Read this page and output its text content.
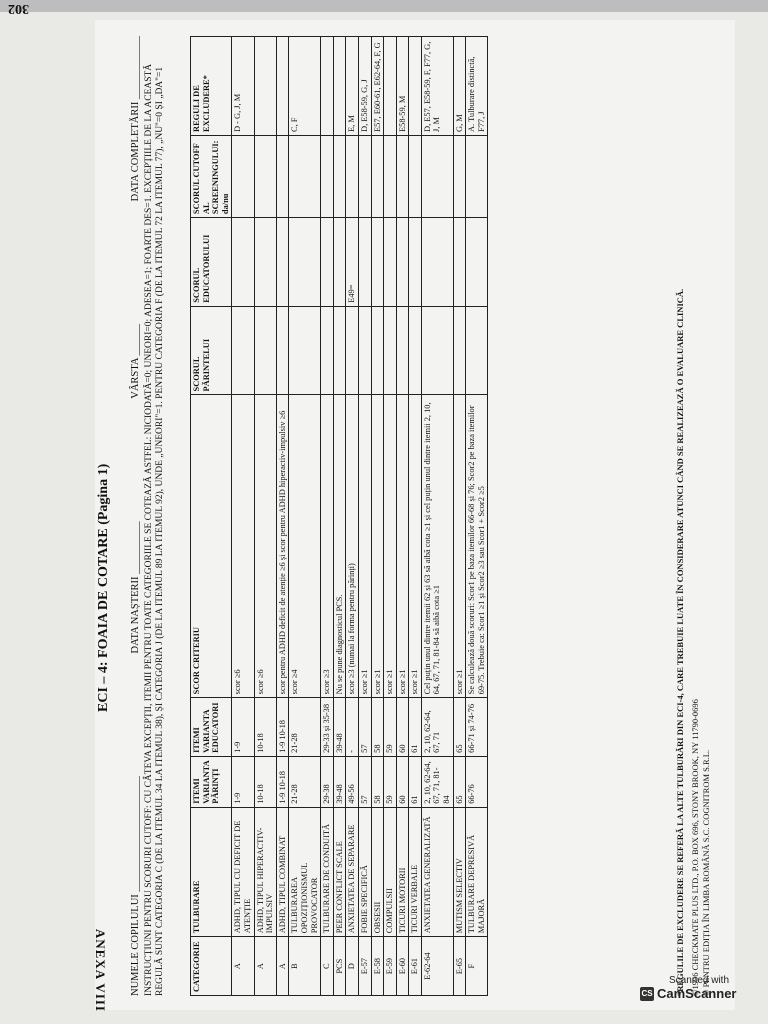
302
ANEXA VIII
ECI – 4: FOAIA DE COTARE (Pagina 1)
NUMELE COPILULUI ______________________
DATA NAȘTERII __________
VÂRSTA ______
DATA COMPLETĂRII ____________ INSTRUCȚIUNI PENTRU SCORURI CUTOFF: CU CÂTEVA EXCEPȚII, ITEMII PENTRU TOATE CATEGORIILE SE COTEAZĂ ASTFEL: NICIODATĂ=0; UNEORI=0; ADESEA=1; FOARTE DES=1. EXCEPȚIILE DE LA ACEASTĂ REGULĂ SUNT CATEGORIA C (DE LA ITEMUL 34 LA ITEMUL 38), ȘI CATEGORIA J (DE LA ITEMUL 89 LA ITEMUL 92), UNDE „UNEORI"=1. PENTRU CATEGORIA F (DE LA ITEMUL 72 LA ITEMUL 77), „NU"=0 ȘI „DA"=1	CATEGORIE	TULBURARE	ITEMI VARIANTA PĂRINȚI	ITEMI VARIANTA EDUCATORI	SCOR CRITERIU	SCORUL PĂRINTELUI	SCORUL EDUCATORULUI	SCORUL CUTOFF AL SCREENINGULUI: da/nu	REGULI DE EXCLUDERE*
A	ADHD, TIPUL CU DEFICIT DE ATENȚIE	1-9	1-9	scor ≥6				D - G, J, M
A	ADHD, TIPUL HIPERACTIV-IMPULSIV	10-18	10-18	scor ≥6				
A	ADHD, TIPUL COMBINAT	1-9 10-18	1-9 10-18	scor pentru ADHD deficit de atenție ≥6 și scor pentru ADHD hiperactiv-impulsiv ≥6				
B	TULBURAREA OPOZIȚIONISMUL PROVOCATOR	21-28	21-28	scor ≥4				C, F
C	TULBURARE DE CONDUITĂ	29-38	29-33 și 35-38	scor ≥3				
PCS	PEER CONFLICT SCALE	39-48	39-48	Nu se pune diagnosticul PCS.				
D	ANXIETATEA DE SEPARARE	49-56	-	scor ≥3 (numai la forma pentru părinți)		E49=		E, M
E-57	FOBIE SPECIFICĂ	57	57	scor ≥1				D, E58-59, G, J
E-58	OBSESII	58	58	scor ≥1				E57, E60-61, E62-64, F, G
E-59	COMPULSII	59	59	scor ≥1				
E-60	TICURI MOTORII	60	60	scor ≥1				E58-59, M
E-61	TICURI VERBALE	61	61	scor ≥1				
E-62-64	ANXIETATEA GENERALIZATĂ	2, 10, 62-64, 67, 71, 81-84	2, 10, 62-64, 67, 71	Cel puțin unul dintre itemii 62 și 63 să aibă cota ≥1 și cel puțin unul dintre itemii 2, 10, 64, 67, 71, 81-84 să aibă cota ≥1				D, E57, E58-59, F, F77, G, J, M
E-65	MUTISM SELECTIV	65	65	scor ≥1				G, M
F	TULBURARE DEPRESIVĂ MAJORĂ	66-76	66-71 și 74-76	Se calculează două scoruri: Scor1 pe baza itemilor 66-68 și 76; Scor2 pe baza itemilor 69-75. Trebuie ca: Scor1 ≥1 și Scor2 ≥3 sau Scor1 + Scor2 ≥5				A. Tulburare distinctă, F77, J
*REGULILE DE EXCLUDERE SE REFERĂ LA ALTE TULBURĂRI DIN ECI-4, CARE TREBUIE LUATE ÎN CONSIDERARE ATUNCI CÂND SE REALIZEAZĂ O EVALUARE CLINICĂ. ©1996 CHECKMATE PLUS LTD., P.O. BOX 696, STONY BROOK, NY 11790-0696 © PENTRU EDIȚIA ÎN LIMBA ROMÂNĂ S.C. COGNITROM S.R.L.
Scanned with
CS CamScanner
